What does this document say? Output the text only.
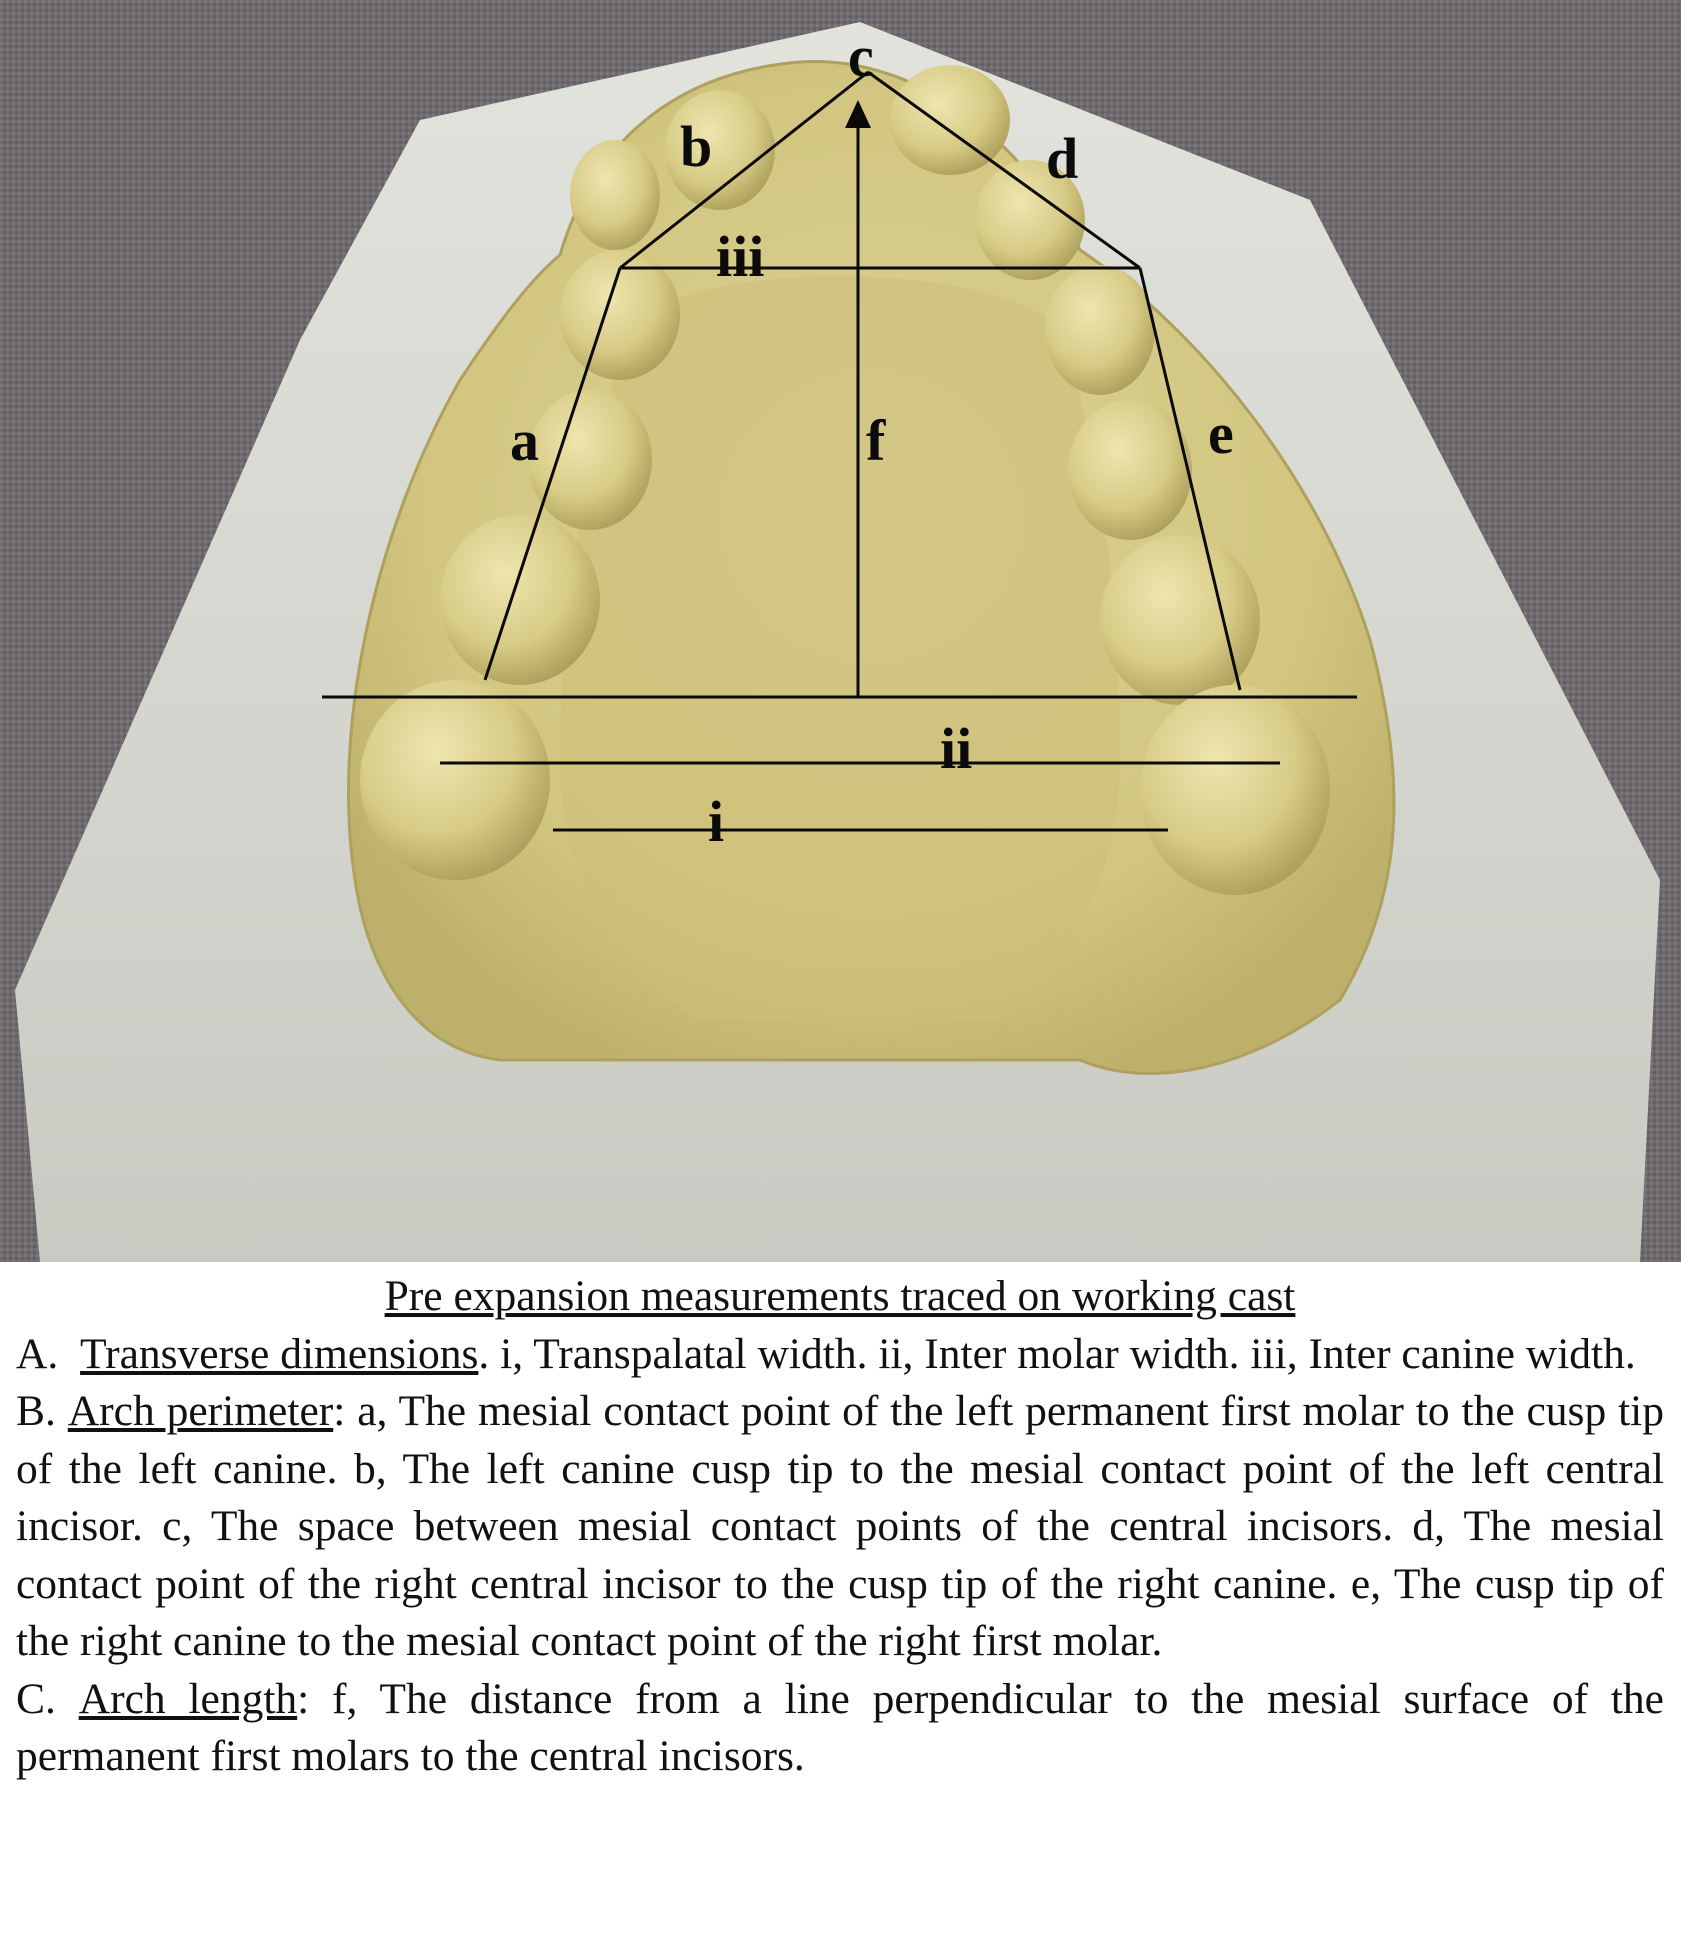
c
b	d
iii
a	f	e
ii
i
Pre expansion measurements traced on working cast
A. Transverse dimensions. i, Transpalatal width. ii, Inter molar width. iii, Inter canine width.
B. Arch perimeter: a, The mesial contact point of the left permanent first molar to the cusp tip of the left canine. b, The left canine cusp tip to the mesial contact point of the left central incisor. c, The space between mesial contact points of the central incisors. d, The mesial contact point of the right central incisor to the cusp tip of the right canine. e, The cusp tip of the right canine to the mesial contact point of the right first molar.
C. Arch length: f, The distance from a line perpendicular to the mesial surface of the permanent first molars to the central incisors.
